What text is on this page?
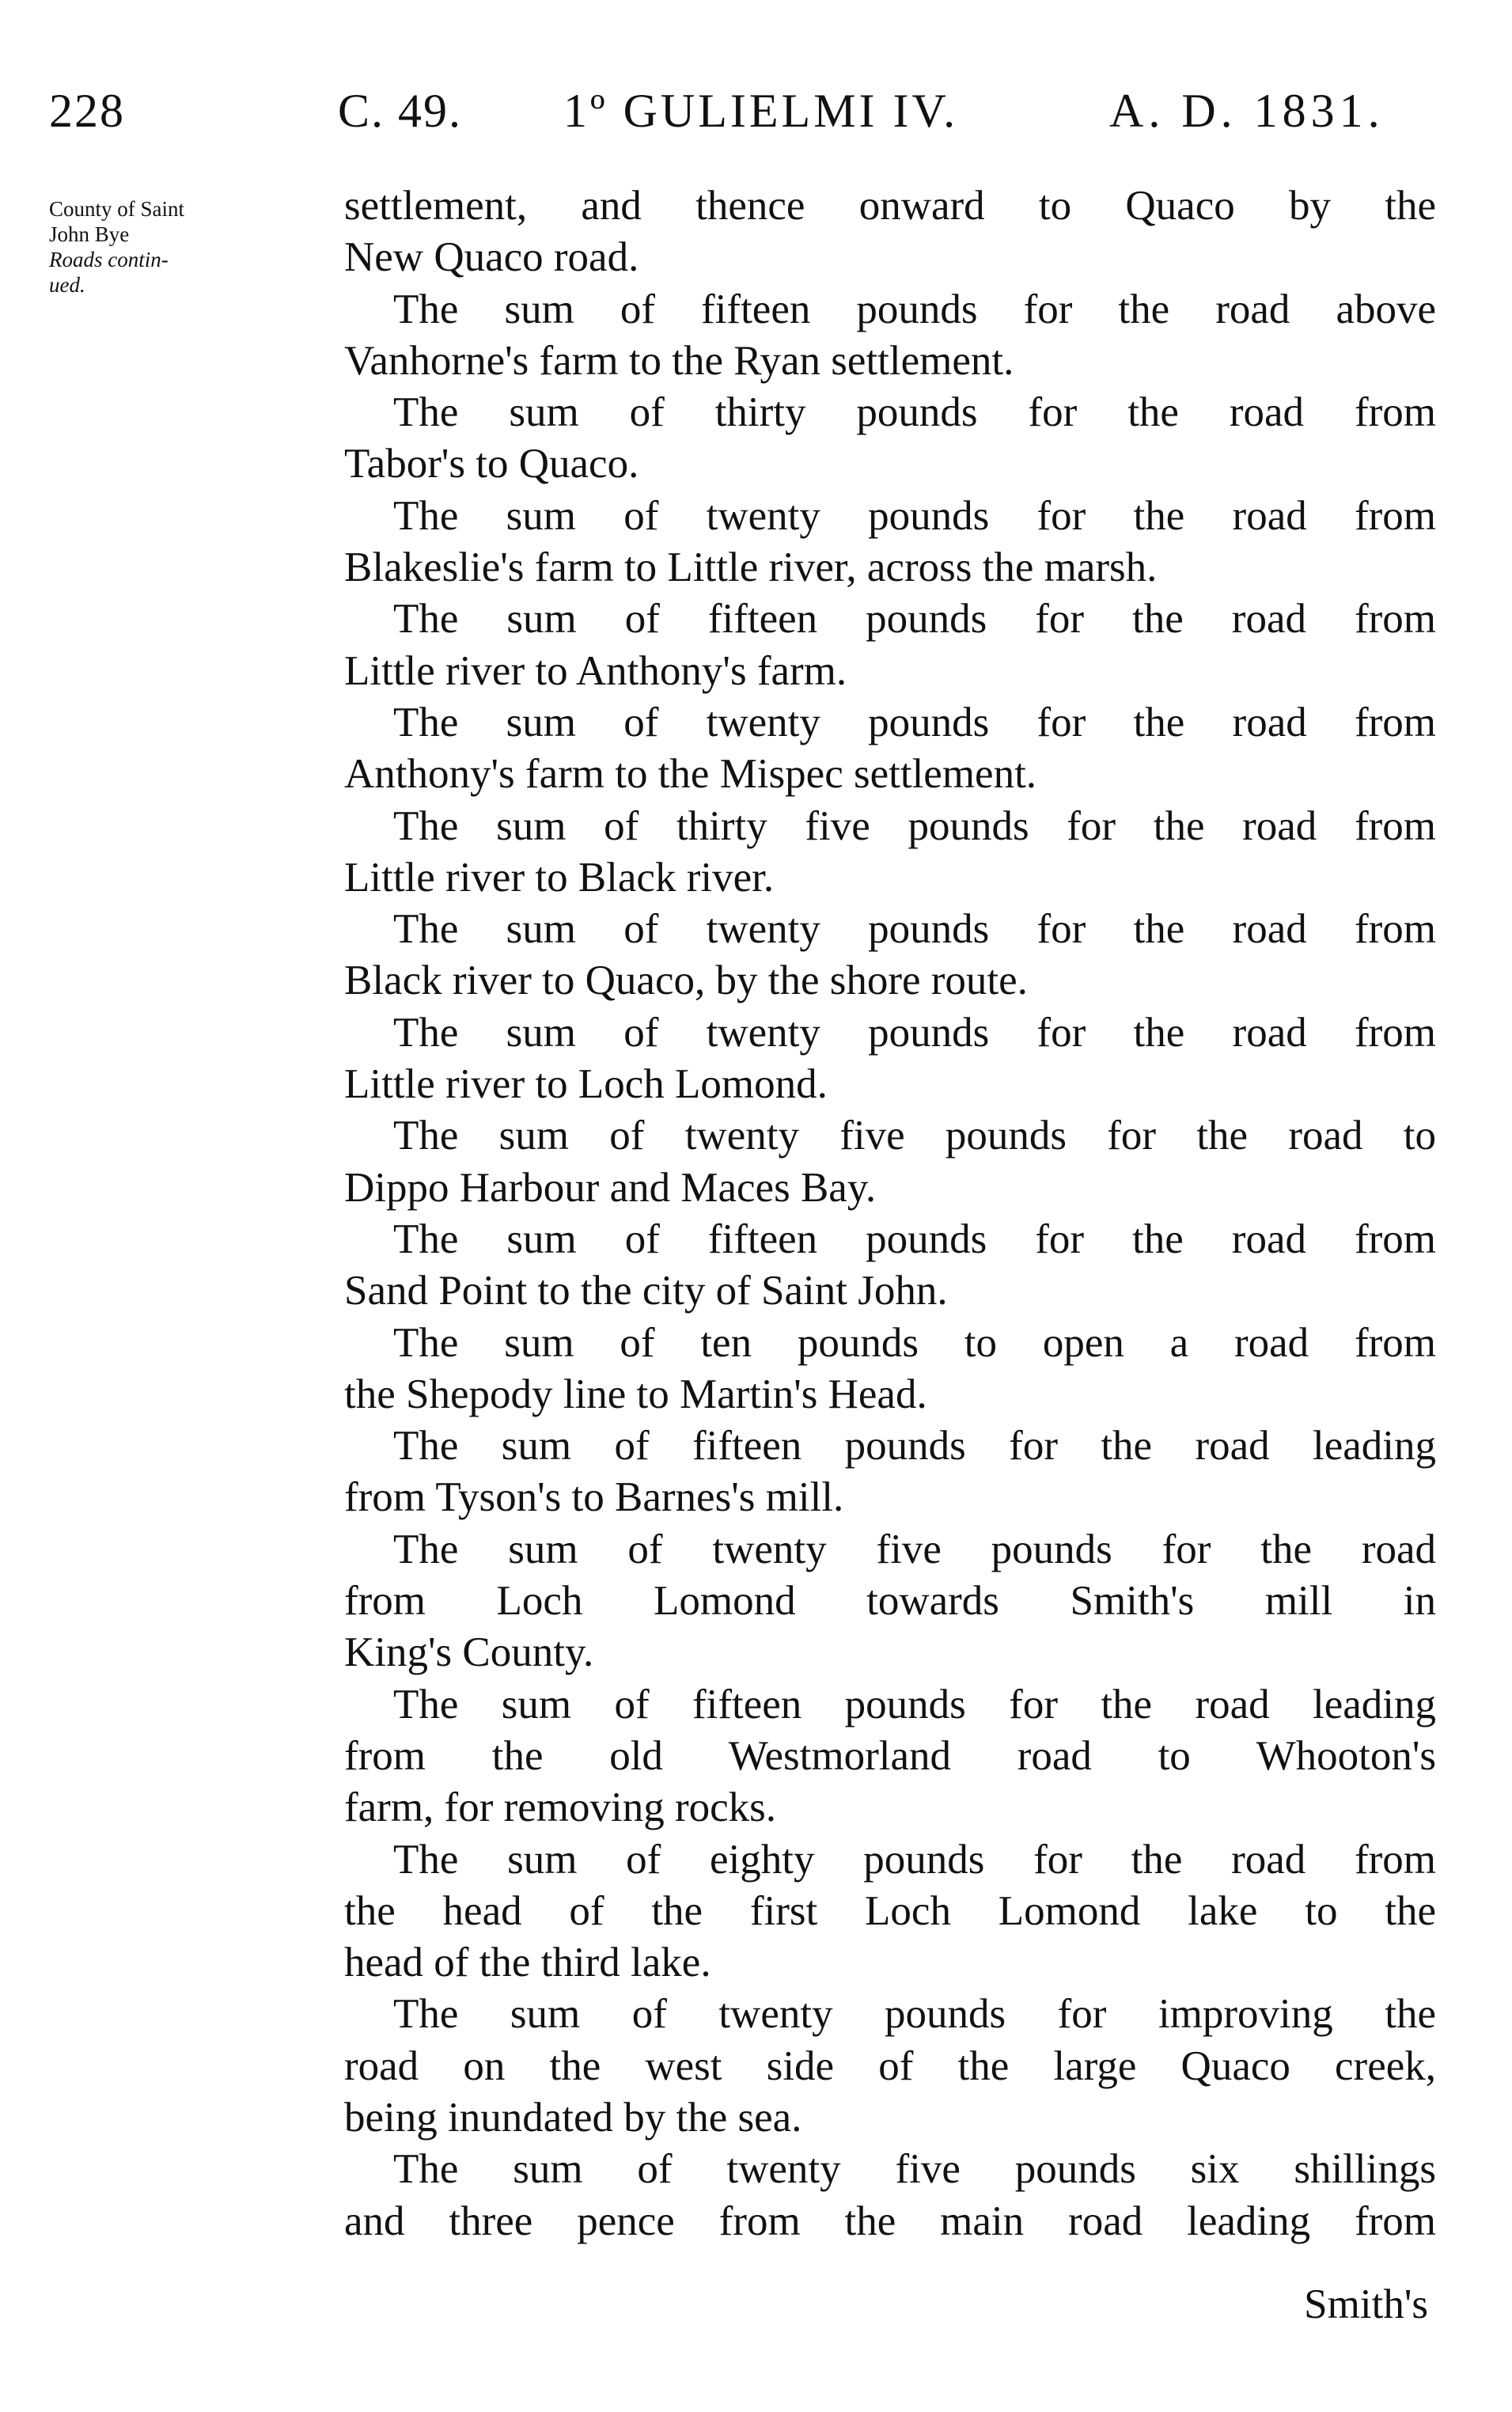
228	C. 49. 1º GULIELMI IV.	A. D. 1831.
County of Saint
John Bye
Roads contin-
ued.
settlement, and thence onward to Quaco by the
New Quaco road.
The sum of fifteen pounds for the road above
Vanhorne's farm to the Ryan settlement.
The sum of thirty pounds for the road from
Tabor's to Quaco.
The sum of twenty pounds for the road from
Blakeslie's farm to Little river, across the marsh.
The sum of fifteen pounds for the road from
Little river to Anthony's farm.
The sum of twenty pounds for the road from
Anthony's farm to the Mispec settlement.
The sum of thirty five pounds for the road from
Little river to Black river.
The sum of twenty pounds for the road from
Black river to Quaco, by the shore route.
The sum of twenty pounds for the road from
Little river to Loch Lomond.
The sum of twenty five pounds for the road to
Dippo Harbour and Maces Bay.
The sum of fifteen pounds for the road from
Sand Point to the city of Saint John.
The sum of ten pounds to open a road from
the Shepody line to Martin's Head.
The sum of fifteen pounds for the road leading
from Tyson's to Barnes's mill.
The sum of twenty five pounds for the road
from Loch Lomond towards Smith's mill in
King's County.
The sum of fifteen pounds for the road leading
from the old Westmorland road to Whooton's
farm, for removing rocks.
The sum of eighty pounds for the road from
the head of the first Loch Lomond lake to the
head of the third lake.
The sum of twenty pounds for improving the
road on the west side of the large Quaco creek,
being inundated by the sea.
The sum of twenty five pounds six shillings
and three pence from the main road leading from
Smith's
